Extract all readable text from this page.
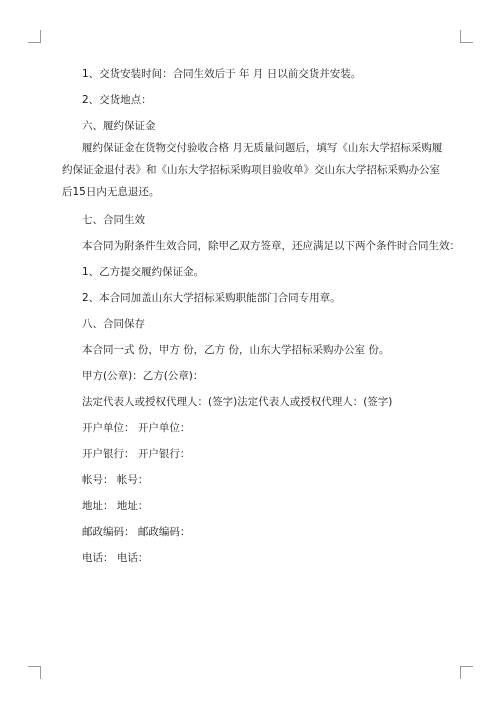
1、交货安装时间：合同生效后于 年 月 日以前交货并安装。

2、交货地点：

六、履约保证金

履约保证金在货物交付验收合格 月无质量问题后，填写《山东大学招标采购履约保证金退付表》和《山东大学招标采购项目验收单》交山东大学招标采购办公室后15日内无息退还。

七、合同生效

本合同为附条件生效合同，除甲乙双方签章，还应满足以下两个条件时合同生效：

1、乙方提交履约保证金。

2、本合同加盖山东大学招标采购职能部门合同专用章。

八、合同保存

本合同一式 份，甲方 份，乙方 份，山东大学招标采购办公室 份。

甲方(公章)：乙方(公章)：

法定代表人或授权代理人：(签字)法定代表人或授权代理人：(签字)

开户单位： 开户单位：

开户银行： 开户银行：

帐号： 帐号：

地址： 地址：

邮政编码： 邮政编码：

电话： 电话：
